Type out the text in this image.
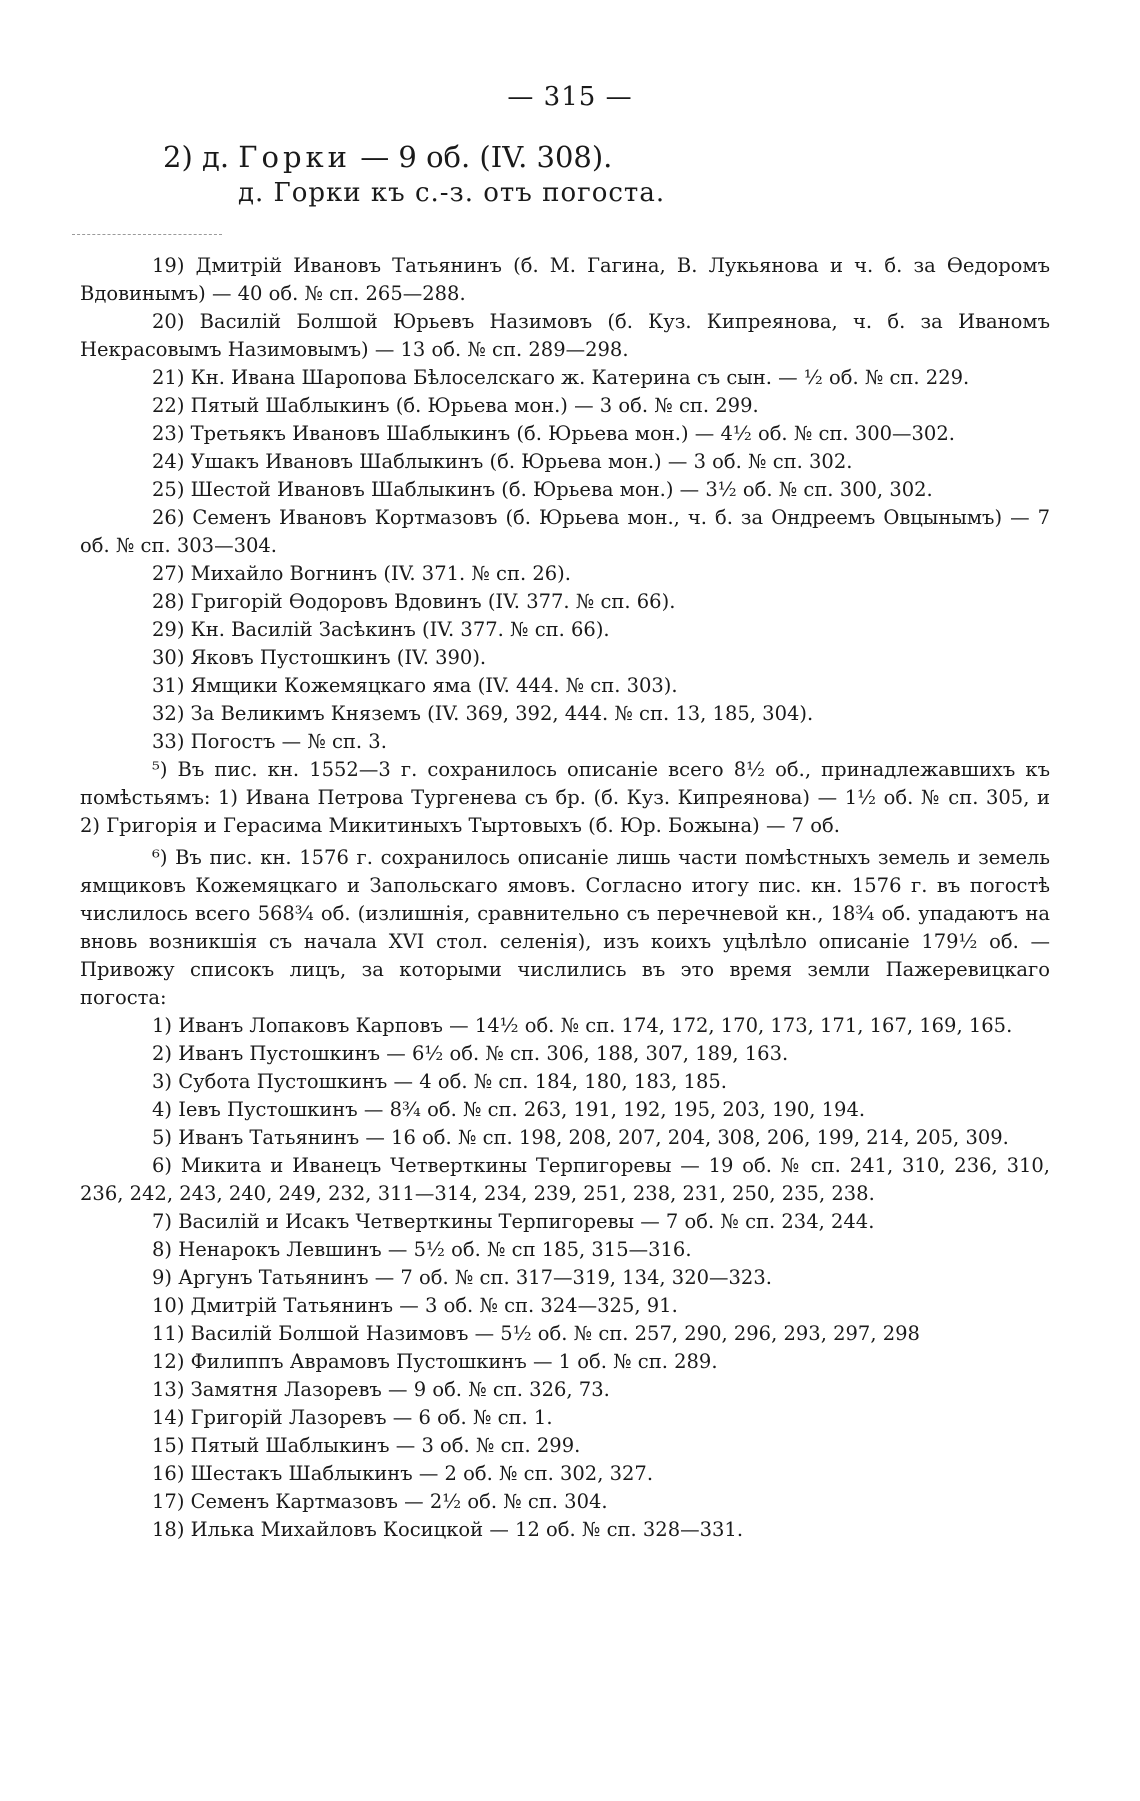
— 315 —
2) д. Горки — 9 об. (IV. 308).
д. Горки къ с.-з. отъ погоста.

19) Дмитрій Ивановъ Татьянинъ (б. М. Гагина, В. Лукьянова и ч. б. за Ѳедоромъ Вдовинымъ) — 40 об. № сп. 265—288.

20) Василій Болшой Юрьевъ Назимовъ (б. Куз. Кипреянова, ч. б. за Иваномъ Некрасовымъ Назимовымъ) — 13 об. № сп. 289—298.

21) Кн. Ивана Шаропова Бѣлоселскаго ж. Катерина съ сын. — ½ об. № сп. 229.

22) Пятый Шаблыкинъ (б. Юрьева мон.) — 3 об. № сп. 299.

23) Третьякъ Ивановъ Шаблыкинъ (б. Юрьева мон.) — 4½ об. № сп. 300—302.

24) Ушакъ Ивановъ Шаблыкинъ (б. Юрьева мон.) — 3 об. № сп. 302.

25) Шестой Ивановъ Шаблыкинъ (б. Юрьева мон.) — 3½ об. № сп. 300, 302.

26) Семенъ Ивановъ Кортмазовъ (б. Юрьева мон., ч. б. за Ондреемъ Овцынымъ) — 7 об. № сп. 303—304.

27) Михайло Вогнинъ (IV. 371. № сп. 26).

28) Григорій Ѳодоровъ Вдовинъ (IV. 377. № сп. 66).

29) Кн. Василій Засѣкинъ (IV. 377. № сп. 66).

30) Яковъ Пустошкинъ (IV. 390).

31) Ямщики Кожемяцкаго яма (IV. 444. № сп. 303).

32) За Великимъ Княземъ (IV. 369, 392, 444. № сп. 13, 185, 304).

33) Погостъ — № сп. 3.

⁵) Въ пис. кн. 1552—3 г. сохранилось описаніе всего 8½ об., принадлежавшихъ къ помѣстьямъ: 1) Ивана Петрова Тургенева съ бр. (б. Куз. Кипреянова) — 1½ об. № сп. 305, и 2) Григорія и Герасима Микитиныхъ Тыртовыхъ (б. Юр. Божына) — 7 об.

⁶) Въ пис. кн. 1576 г. сохранилось описаніе лишь части помѣстныхъ земель и земель ямщиковъ Кожемяцкаго и Запольскаго ямовъ. Согласно итогу пис. кн. 1576 г. въ погостѣ числилось всего 568¾ об. (излишнія, сравнительно съ перечневой кн., 18¾ об. упадаютъ на вновь возникшія съ начала XVI стол. селенія), изъ коихъ уцѣлѣло описаніе 179½ об. — Привожу списокъ лицъ, за которыми числились въ это время земли Пажеревицкаго погоста:

1) Иванъ Лопаковъ Карповъ — 14½ об. № сп. 174, 172, 170, 173, 171, 167, 169, 165.

2) Иванъ Пустошкинъ — 6½ об. № сп. 306, 188, 307, 189, 163.

3) Субота Пустошкинъ — 4 об. № сп. 184, 180, 183, 185.

4) Іевъ Пустошкинъ — 8¾ об. № сп. 263, 191, 192, 195, 203, 190, 194.

5) Иванъ Татьянинъ — 16 об. № сп. 198, 208, 207, 204, 308, 206, 199, 214, 205, 309.

6) Микита и Иванецъ Четверткины Терпигоревы — 19 об. № сп. 241, 310, 236, 310, 236, 242, 243, 240, 249, 232, 311—314, 234, 239, 251, 238, 231, 250, 235, 238.

7) Василій и Исакъ Четверткины Терпигоревы — 7 об. № сп. 234, 244.

8) Ненарокъ Левшинъ — 5½ об. № сп 185, 315—316.

9) Аргунъ Татьянинъ — 7 об. № сп. 317—319, 134, 320—323.

10) Дмитрій Татьянинъ — 3 об. № сп. 324—325, 91.

11) Василій Болшой Назимовъ — 5½ об. № сп. 257, 290, 296, 293, 297, 298

12) Филиппъ Аврамовъ Пустошкинъ — 1 об. № сп. 289.

13) Замятня Лазоревъ — 9 об. № сп. 326, 73.

14) Григорій Лазоревъ — 6 об. № сп. 1.

15) Пятый Шаблыкинъ — 3 об. № сп. 299.

16) Шестакъ Шаблыкинъ — 2 об. № сп. 302, 327.

17) Семенъ Картмазовъ — 2½ об. № сп. 304.

18) Илька Михайловъ Косицкой — 12 об. № сп. 328—331.
